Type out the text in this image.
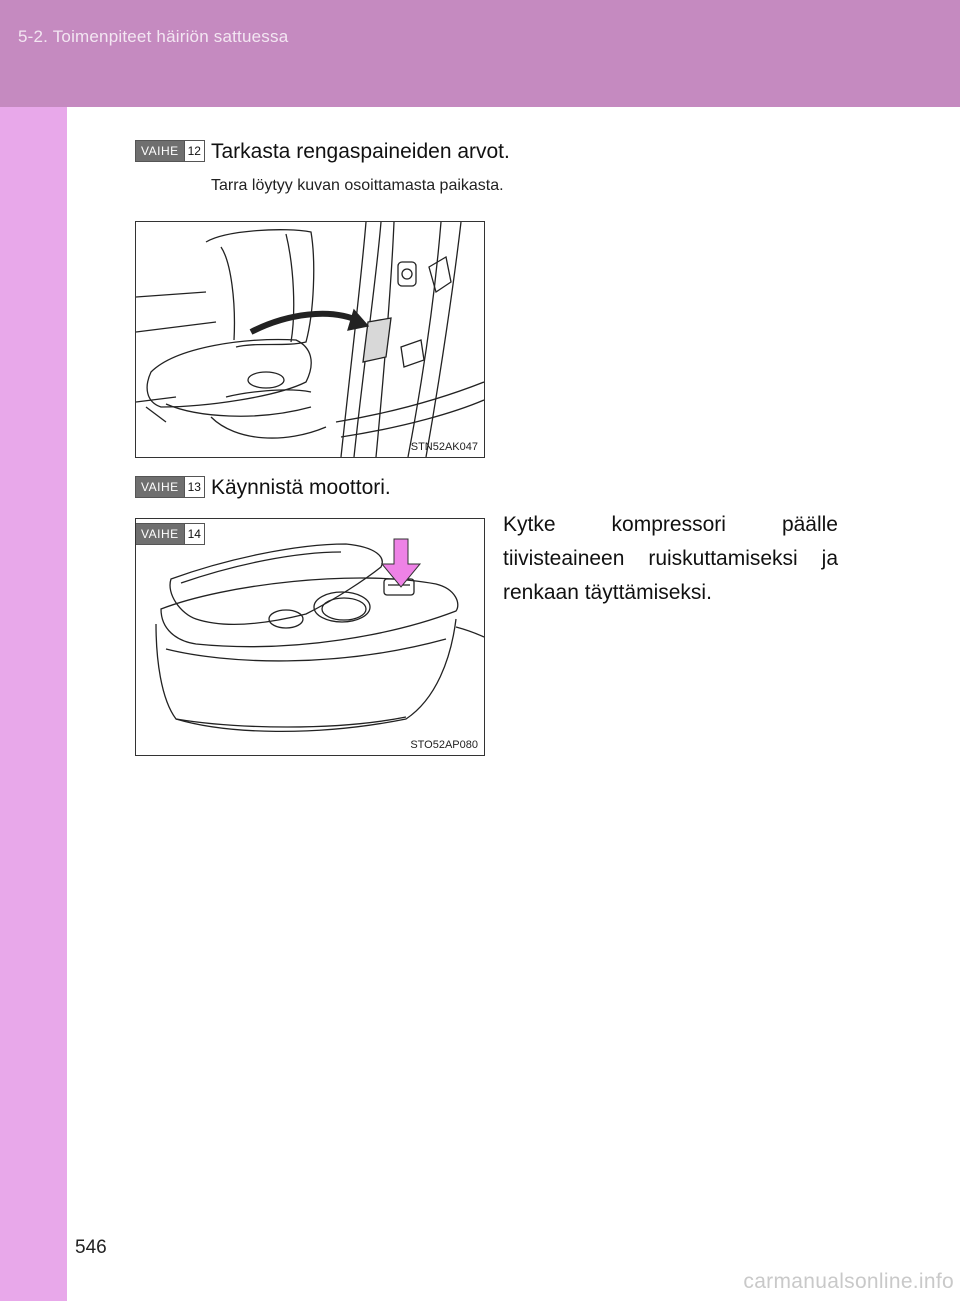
5-2. Toimenpiteet häiriön sattuessa
VAIHE 12 Tarkasta rengaspaineiden arvot.
Tarra löytyy kuvan osoittamasta paikasta.
STN52AK047
VAIHE 13 Käynnistä moottori.
VAIHE 14
STO52AP080
Kytke kompressori päälle tiivisteaineen ruiskuttamiseksi ja renkaan täyttämiseksi.
546
carmanualsonline.info
